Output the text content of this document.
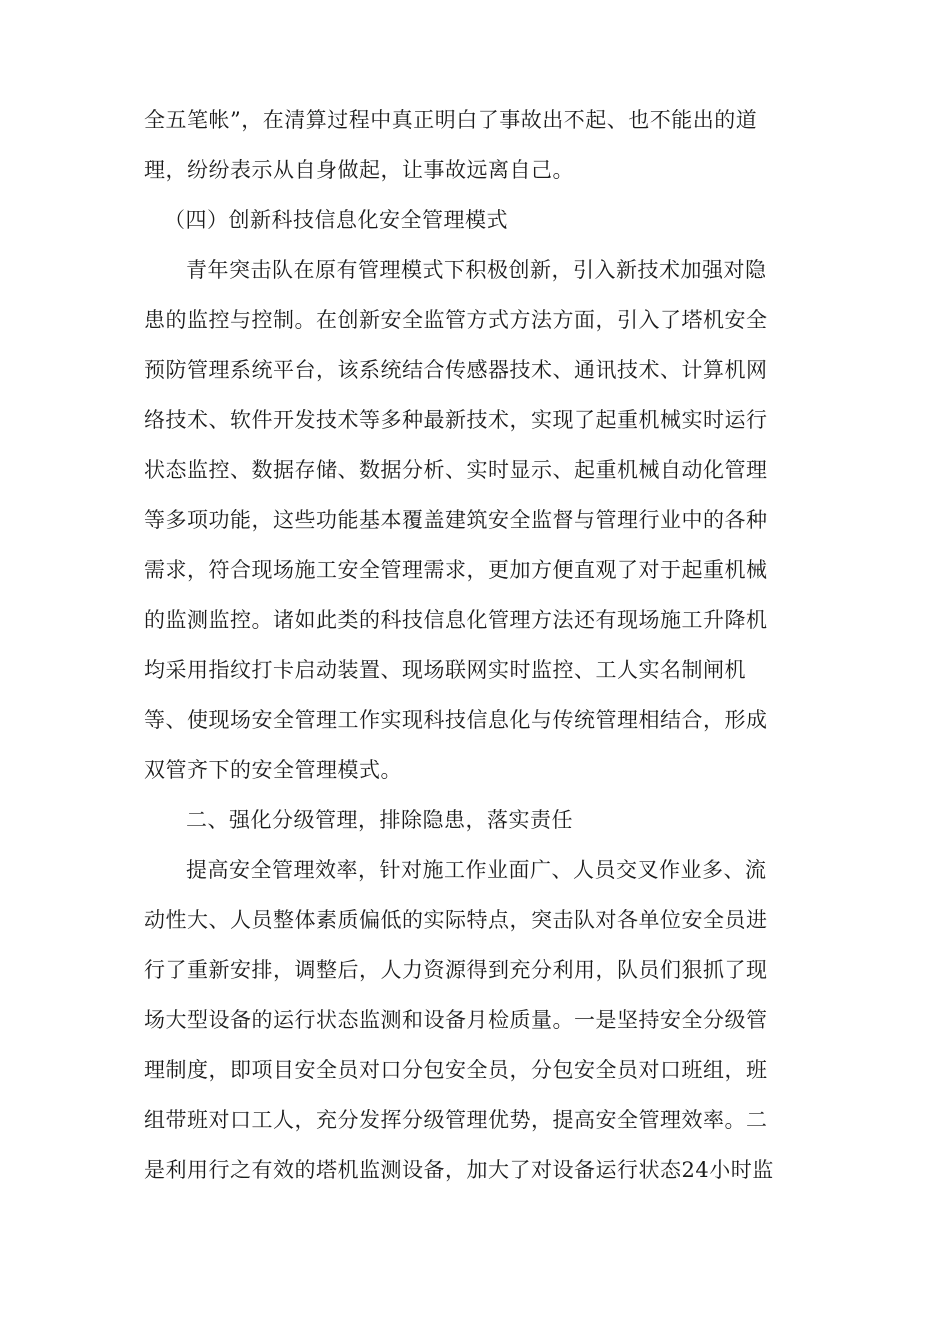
全五笔帐”，在清算过程中真正明白了事故出不起、也不能出的道
理，纷纷表示从自身做起，让事故远离自己。
（四）创新科技信息化安全管理模式
青年突击队在原有管理模式下积极创新，引入新技术加强对隐
患的监控与控制。在创新安全监管方式方法方面，引入了塔机安全
预防管理系统平台，该系统结合传感器技术、通讯技术、计算机网
络技术、软件开发技术等多种最新技术，实现了起重机械实时运行
状态监控、数据存储、数据分析、实时显示、起重机械自动化管理
等多项功能，这些功能基本覆盖建筑安全监督与管理行业中的各种
需求，符合现场施工安全管理需求，更加方便直观了对于起重机械
的监测监控。诸如此类的科技信息化管理方法还有现场施工升降机
均采用指纹打卡启动装置、现场联网实时监控、工人实名制闸机
等、使现场安全管理工作实现科技信息化与传统管理相结合，形成
双管齐下的安全管理模式。
二、强化分级管理，排除隐患，落实责任
提高安全管理效率，针对施工作业面广、人员交叉作业多、流
动性大、人员整体素质偏低的实际特点，突击队对各单位安全员进
行了重新安排，调整后，人力资源得到充分利用，队员们狠抓了现
场大型设备的运行状态监测和设备月检质量。一是坚持安全分级管
理制度，即项目安全员对口分包安全员，分包安全员对口班组，班
组带班对口工人，充分发挥分级管理优势，提高安全管理效率。二
是利用行之有效的塔机监测设备，加大了对设备运行状态24小时监
